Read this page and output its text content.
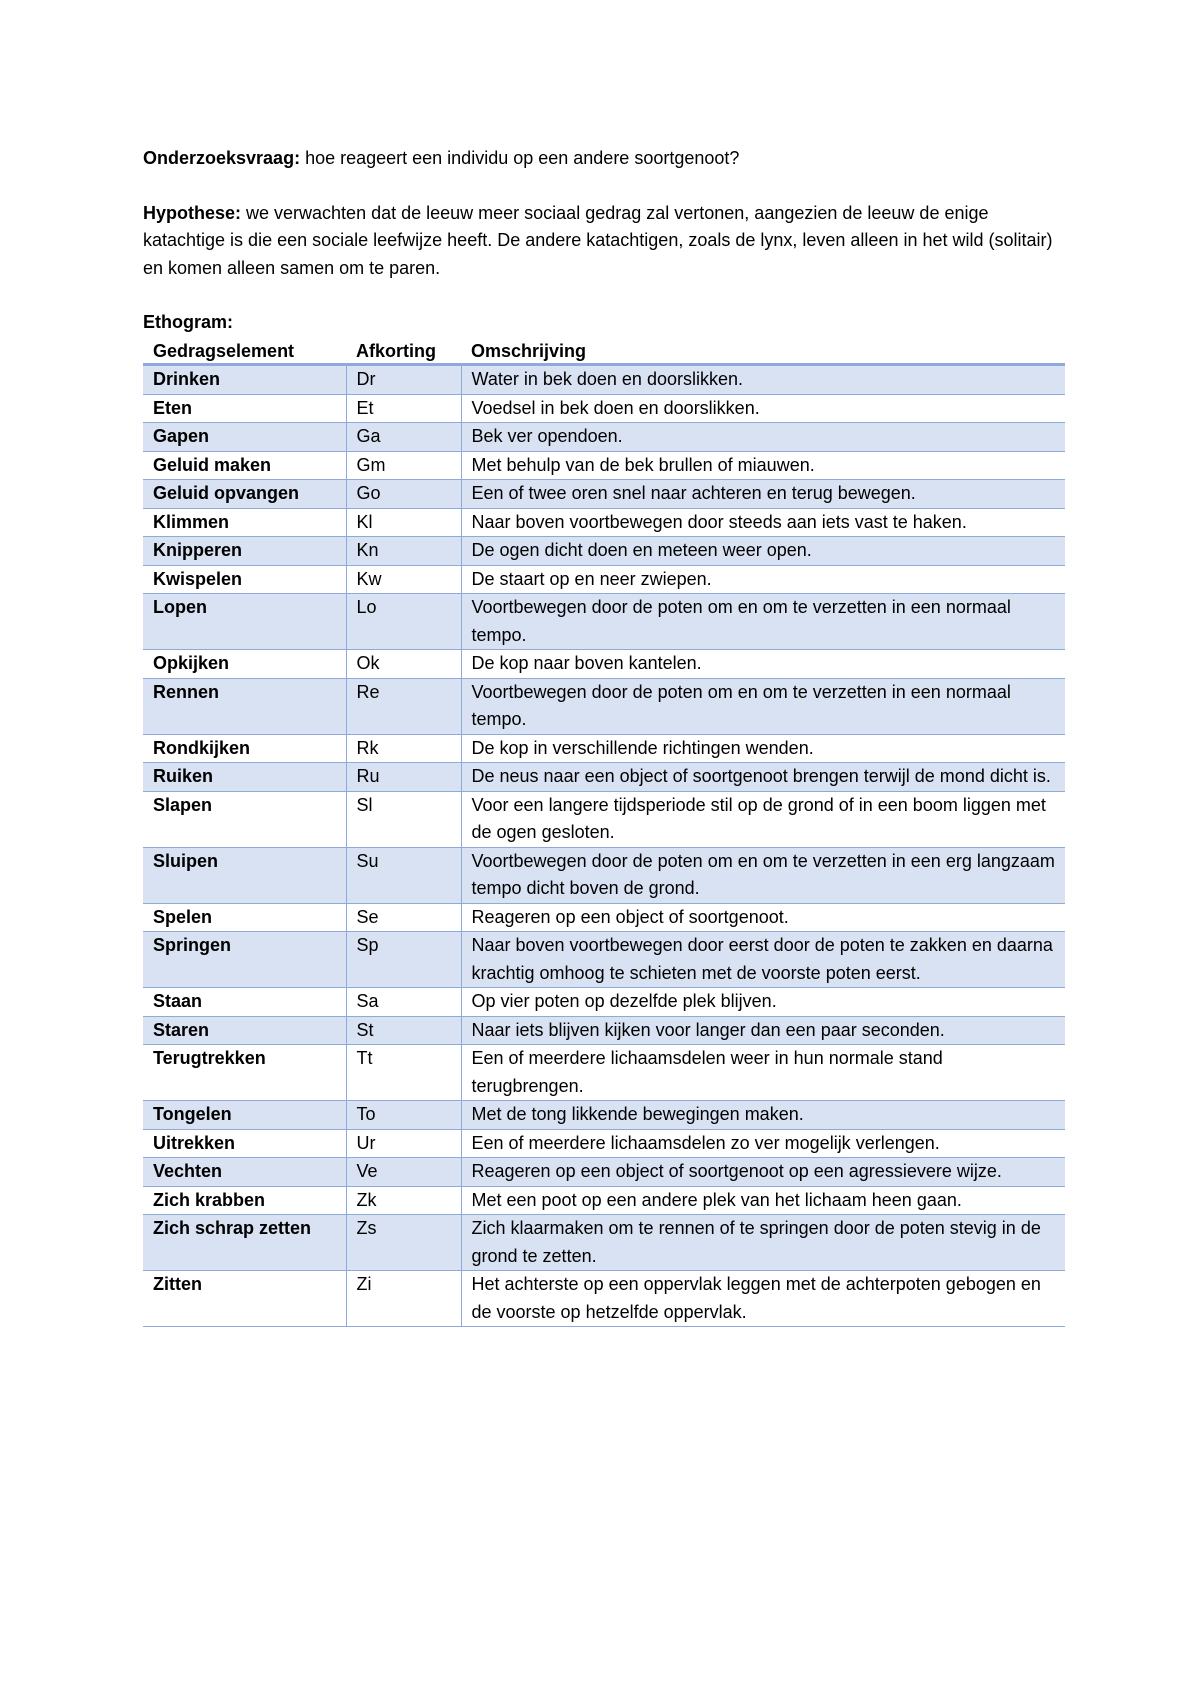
Onderzoeksvraag: hoe reageert een individu op een andere soortgenoot?

Hypothese: we verwachten dat de leeuw meer sociaal gedrag zal vertonen, aangezien de leeuw de enige katachtige is die een sociale leefwijze heeft. De andere katachtigen, zoals de lynx, leven alleen in het wild (solitair) en komen alleen samen om te paren.

Ethogram:

Gedragselement	Afkorting	Omschrijving
Drinken	Dr	Water in bek doen en doorslikken.
Eten	Et	Voedsel in bek doen en doorslikken.
Gapen	Ga	Bek ver opendoen.
Geluid maken	Gm	Met behulp van de bek brullen of miauwen.
Geluid opvangen	Go	Een of twee oren snel naar achteren en terug bewegen.
Klimmen	Kl	Naar boven voortbewegen door steeds aan iets vast te haken.
Knipperen	Kn	De ogen dicht doen en meteen weer open.
Kwispelen	Kw	De staart op en neer zwiepen.
Lopen	Lo	Voortbewegen door de poten om en om te verzetten in een normaal tempo.
Opkijken	Ok	De kop naar boven kantelen.
Rennen	Re	Voortbewegen door de poten om en om te verzetten in een normaal tempo.
Rondkijken	Rk	De kop in verschillende richtingen wenden.
Ruiken	Ru	De neus naar een object of soortgenoot brengen terwijl de mond dicht is.
Slapen	Sl	Voor een langere tijdsperiode stil op de grond of in een boom liggen met de ogen gesloten.
Sluipen	Su	Voortbewegen door de poten om en om te verzetten in een erg langzaam tempo dicht boven de grond.
Spelen	Se	Reageren op een object of soortgenoot.
Springen	Sp	Naar boven voortbewegen door eerst door de poten te zakken en daarna krachtig omhoog te schieten met de voorste poten eerst.
Staan	Sa	Op vier poten op dezelfde plek blijven.
Staren	St	Naar iets blijven kijken voor langer dan een paar seconden.
Terugtrekken	Tt	Een of meerdere lichaamsdelen weer in hun normale stand terugbrengen.
Tongelen	To	Met de tong likkende bewegingen maken.
Uitrekken	Ur	Een of meerdere lichaamsdelen zo ver mogelijk verlengen.
Vechten	Ve	Reageren op een object of soortgenoot op een agressievere wijze.
Zich krabben	Zk	Met een poot op een andere plek van het lichaam heen gaan.
Zich schrap zetten	Zs	Zich klaarmaken om te rennen of te springen door de poten stevig in de grond te zetten.
Zitten	Zi	Het achterste op een oppervlak leggen met de achterpoten gebogen en de voorste op hetzelfde oppervlak.
